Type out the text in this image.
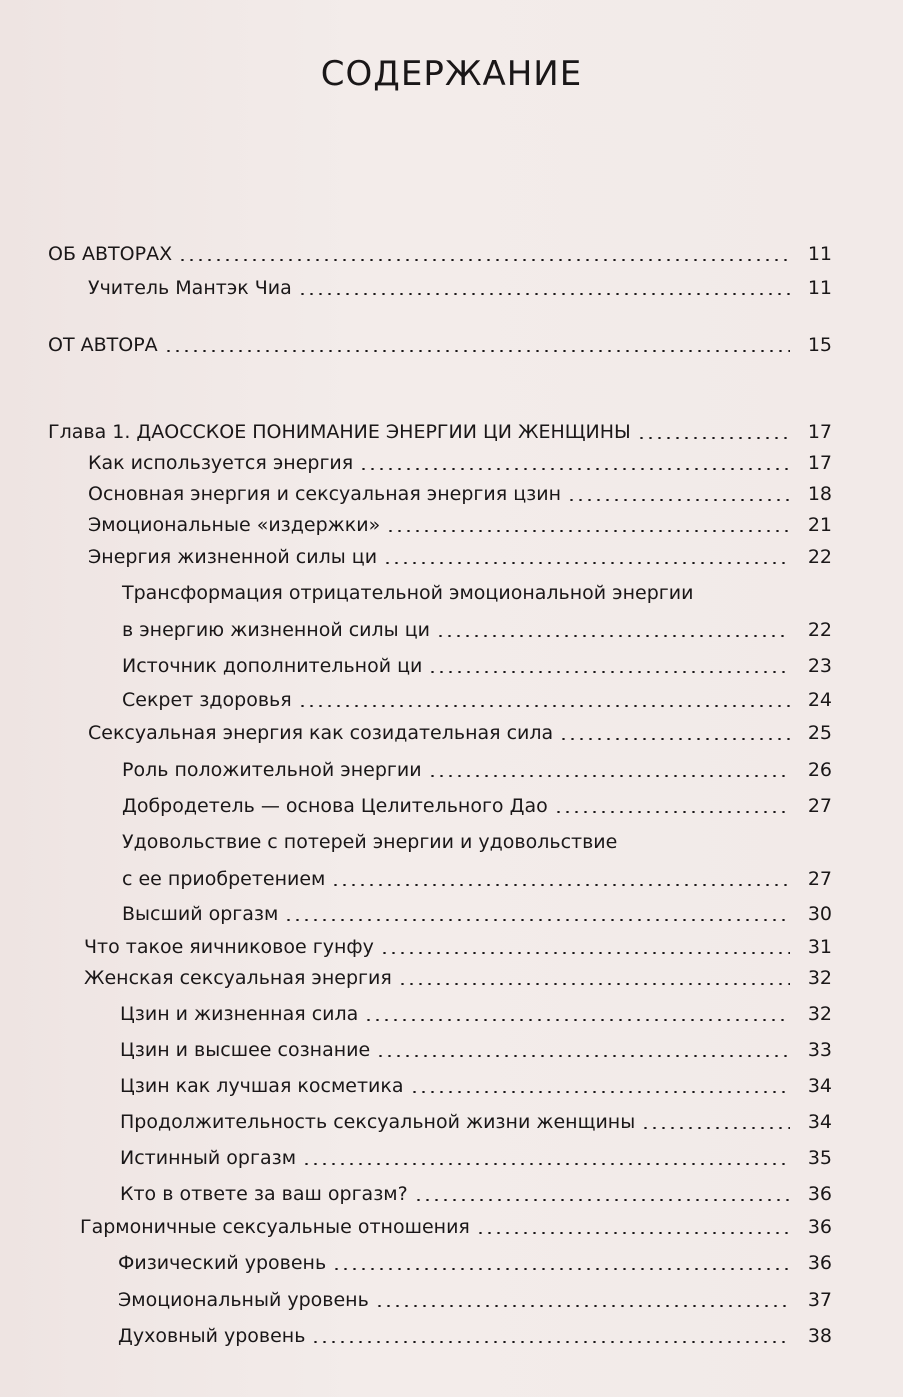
СОДЕРЖАНИЕ
ОБ АВТОРАХ	11
Учитель Мантэк Чиа	11
ОТ АВТОРА	15
Глава 1. ДАОССКОЕ ПОНИМАНИЕ ЭНЕРГИИ ЦИ ЖЕНЩИНЫ	17
Как используется энергия	17
Основная энергия и сексуальная энергия цзин	18
Эмоциональные «издержки»	21
Энергия жизненной силы ци	22
Трансформация отрицательной эмоциональной энергии
в энергию жизненной силы ци	22
Источник дополнительной ци	23
Секрет здоровья	24
Сексуальная энергия как созидательная сила	25
Роль положительной энергии	26
Добродетель — основа Целительного Дао	27
Удовольствие с потерей энергии и удовольствие
с ее приобретением	27
Высший оргазм	30
Что такое яичниковое гунфу	31
Женская сексуальная энергия	32
Цзин и жизненная сила	32
Цзин и высшее сознание	33
Цзин как лучшая косметика	34
Продолжительность сексуальной жизни женщины	34
Истинный оргазм	35
Кто в ответе за ваш оргазм?	36
Гармоничные сексуальные отношения	36
Физический уровень	36
Эмоциональный уровень	37
Духовный уровень	38
